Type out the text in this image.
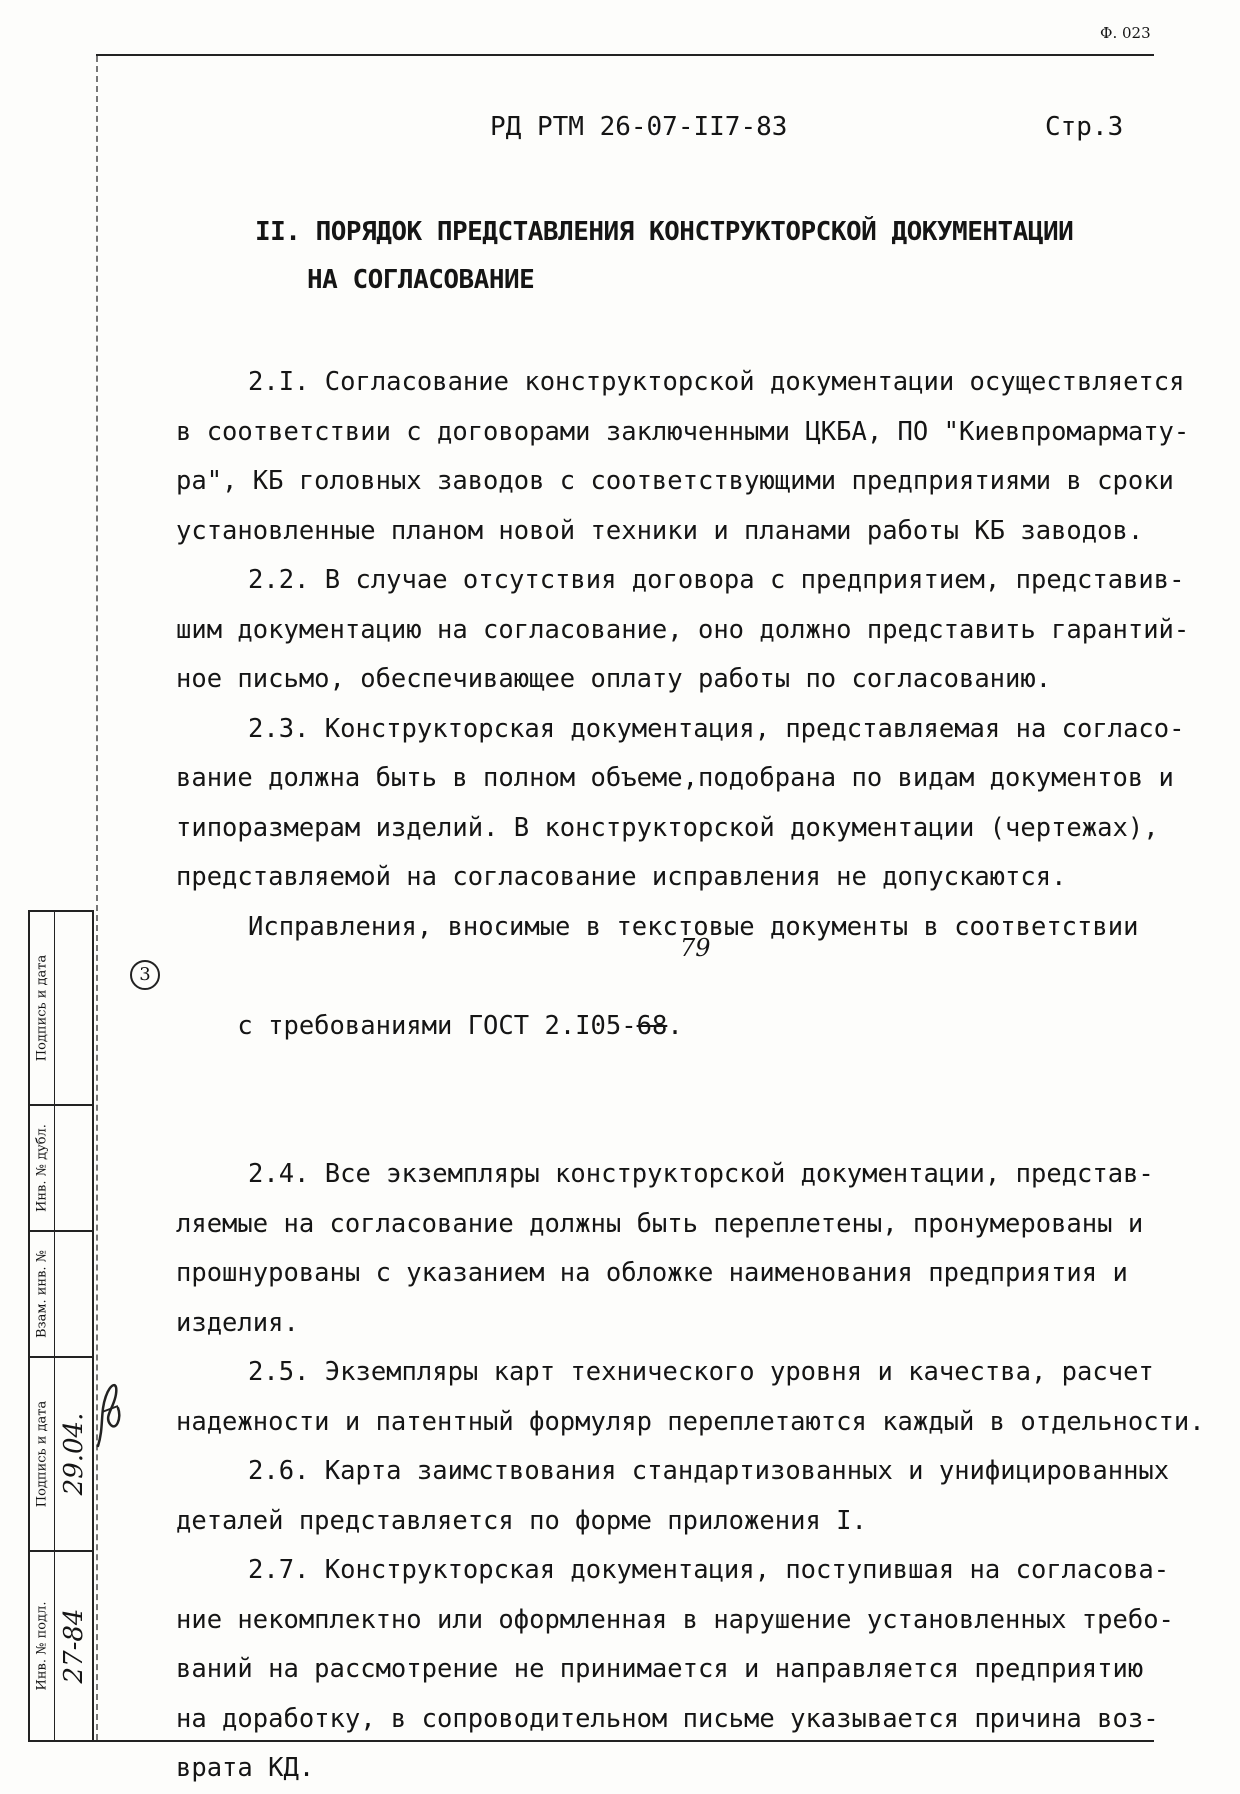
Ф. 023
РД РТМ 26-07-II7-83	Стр.3
II. ПОРЯДОК ПРЕДСТАВЛЕНИЯ КОНСТРУКТОРСКОЙ ДОКУМЕНТАЦИИ
НА СОГЛАСОВАНИЕ
2.I. Согласование конструкторской документации осуществляется
в соответствии с договорами заключенными ЦКБА, ПО "Киевпромармату-
ра", КБ головных заводов с соответствующими предприятиями в сроки
установленные планом новой техники и планами работы КБ заводов.
2.2. В случае отсутствия договора с предприятием, представив-
шим документацию на согласование, оно должно представить гарантий-
ное письмо, обеспечивающее оплату работы по согласованию.
2.3. Конструкторская документация, представляемая на согласо-
вание должна быть в полном объеме,подобрана по видам документов и
типоразмерам изделий. В конструкторской документации (чертежах),
представляемой на согласование исправления не допускаются.
Исправления, вносимые в текстовые документы в соответствии

3
с требованиями ГОСТ 2.I05-68.

79

2.4. Все экземпляры конструкторской документации, представ-
ляемые на согласование должны быть переплетены, пронумерованы и
прошнурованы с указанием на обложке наименования предприятия и
изделия.
2.5. Экземпляры карт технического уровня и качества, расчет
надежности и патентный формуляр переплетаются каждый в отдельности.
2.6. Карта заимствования стандартизованных и унифицированных
деталей представляется по форме приложения I.
2.7. Конструкторская документация, поступившая на согласова-
ние некомплектно или оформленная в нарушение установленных требо-
ваний на рассмотрение не принимается и направляется предприятию
на доработку, в сопроводительном письме указывается причина воз-
врата КД.
Подпись и дата
Инв. № дубл.
Взам. инв. №
Подпись и дата 29.04.
Инв. № подл. 27-84
